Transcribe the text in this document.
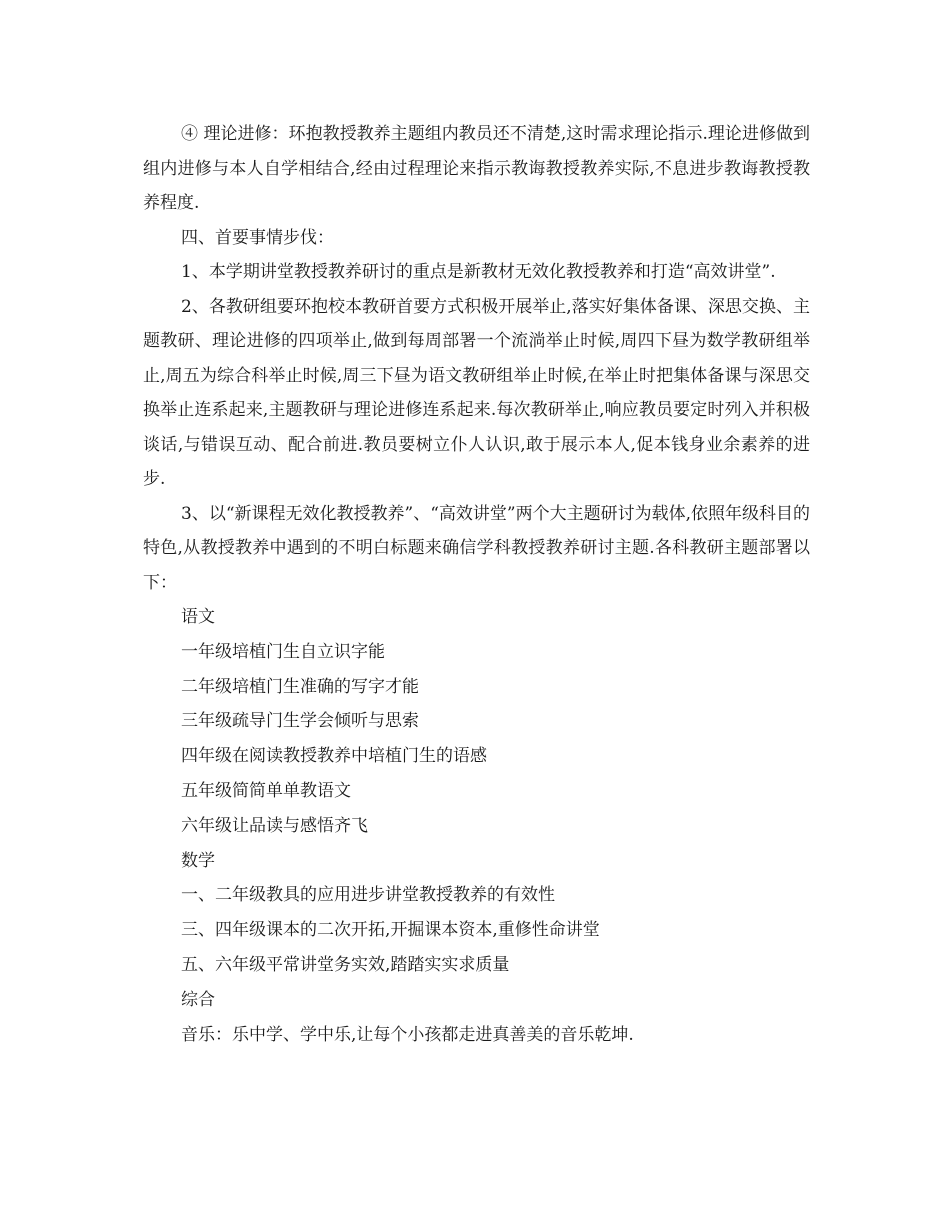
④ 理论进修：环抱教授教养主题组内教员还不清楚,这时需求理论指示.理论进修做到组内进修与本人自学相结合,经由过程理论来指示教诲教授教养实际,不息进步教诲教授教养程度.

四、首要事情步伐：

1、本学期讲堂教授教养研讨的重点是新教材无效化教授教养和打造“高效讲堂”.

2、各教研组要环抱校本教研首要方式积极开展举止,落实好集体备课、深思交换、主题教研、理论进修的四项举止,做到每周部署一个流淌举止时候,周四下昼为数学教研组举止,周五为综合科举止时候,周三下昼为语文教研组举止时候,在举止时把集体备课与深思交换举止连系起来,主题教研与理论进修连系起来.每次教研举止,响应教员要定时列入并积极谈话,与错误互动、配合前进.教员要树立仆人认识,敢于展示本人,促本钱身业余素养的进步.

3、以“新课程无效化教授教养”、“高效讲堂”两个大主题研讨为载体,依照年级科目的特色,从教授教养中遇到的不明白标题来确信学科教授教养研讨主题.各科教研主题部署以下：

语文

一年级培植门生自立识字能

二年级培植门生准确的写字才能

三年级疏导门生学会倾听与思索

四年级在阅读教授教养中培植门生的语感

五年级简简单单教语文

六年级让品读与感悟齐飞

数学

一、二年级教具的应用进步讲堂教授教养的有效性

三、四年级课本的二次开拓,开掘课本资本,重修性命讲堂

五、六年级平常讲堂务实效,踏踏实实求质量

综合

音乐：乐中学、学中乐,让每个小孩都走进真善美的音乐乾坤.
